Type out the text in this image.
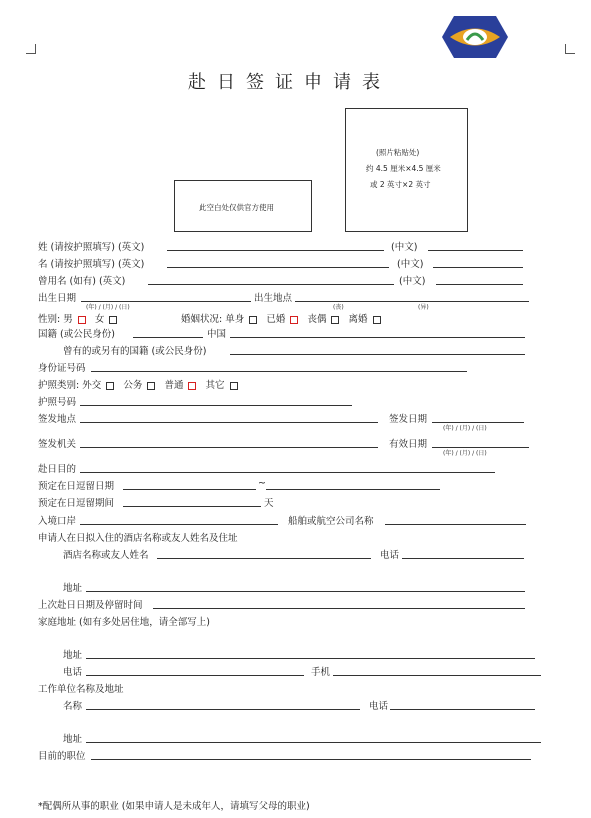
赴日签证申请表
(照片粘贴处)
约 4.5 厘米×4.5 厘米
或 2 英寸×2 英寸
此空白处仅供官方使用
姓 (请按护照填写) (英文)	(中文)
名 (请按护照填写) (英文)	(中文)
曾用名 (如有) (英文)	(中文)
出生日期	出生地点
(年) / (月) / (日)	(丧)	(异)
性别: 男 女	婚姻状况: 单身 已婚 丧偶 离婚
国籍 (或公民身份)	中国
曾有的或另有的国籍 (或公民身份)
身份证号码
护照类别: 外交 公务 普通 其它
护照号码
签发地点	签发日期
(年) / (月) / (日)
签发机关	有效日期
(年) / (月) / (日)
赴日目的
预定在日逗留日期	~
预定在日逗留期间	天
入境口岸	船舶或航空公司名称
申请人在日拟入住的酒店名称或友人姓名及住址
酒店名称或友人姓名	电话
地址
上次赴日日期及停留时间
家庭地址 (如有多处居住地，请全部写上)
地址
电话	手机
工作单位名称及地址
名称	电话
地址
目前的职位
*配偶所从事的职业 (如果申请人是未成年人，请填写父母的职业)
